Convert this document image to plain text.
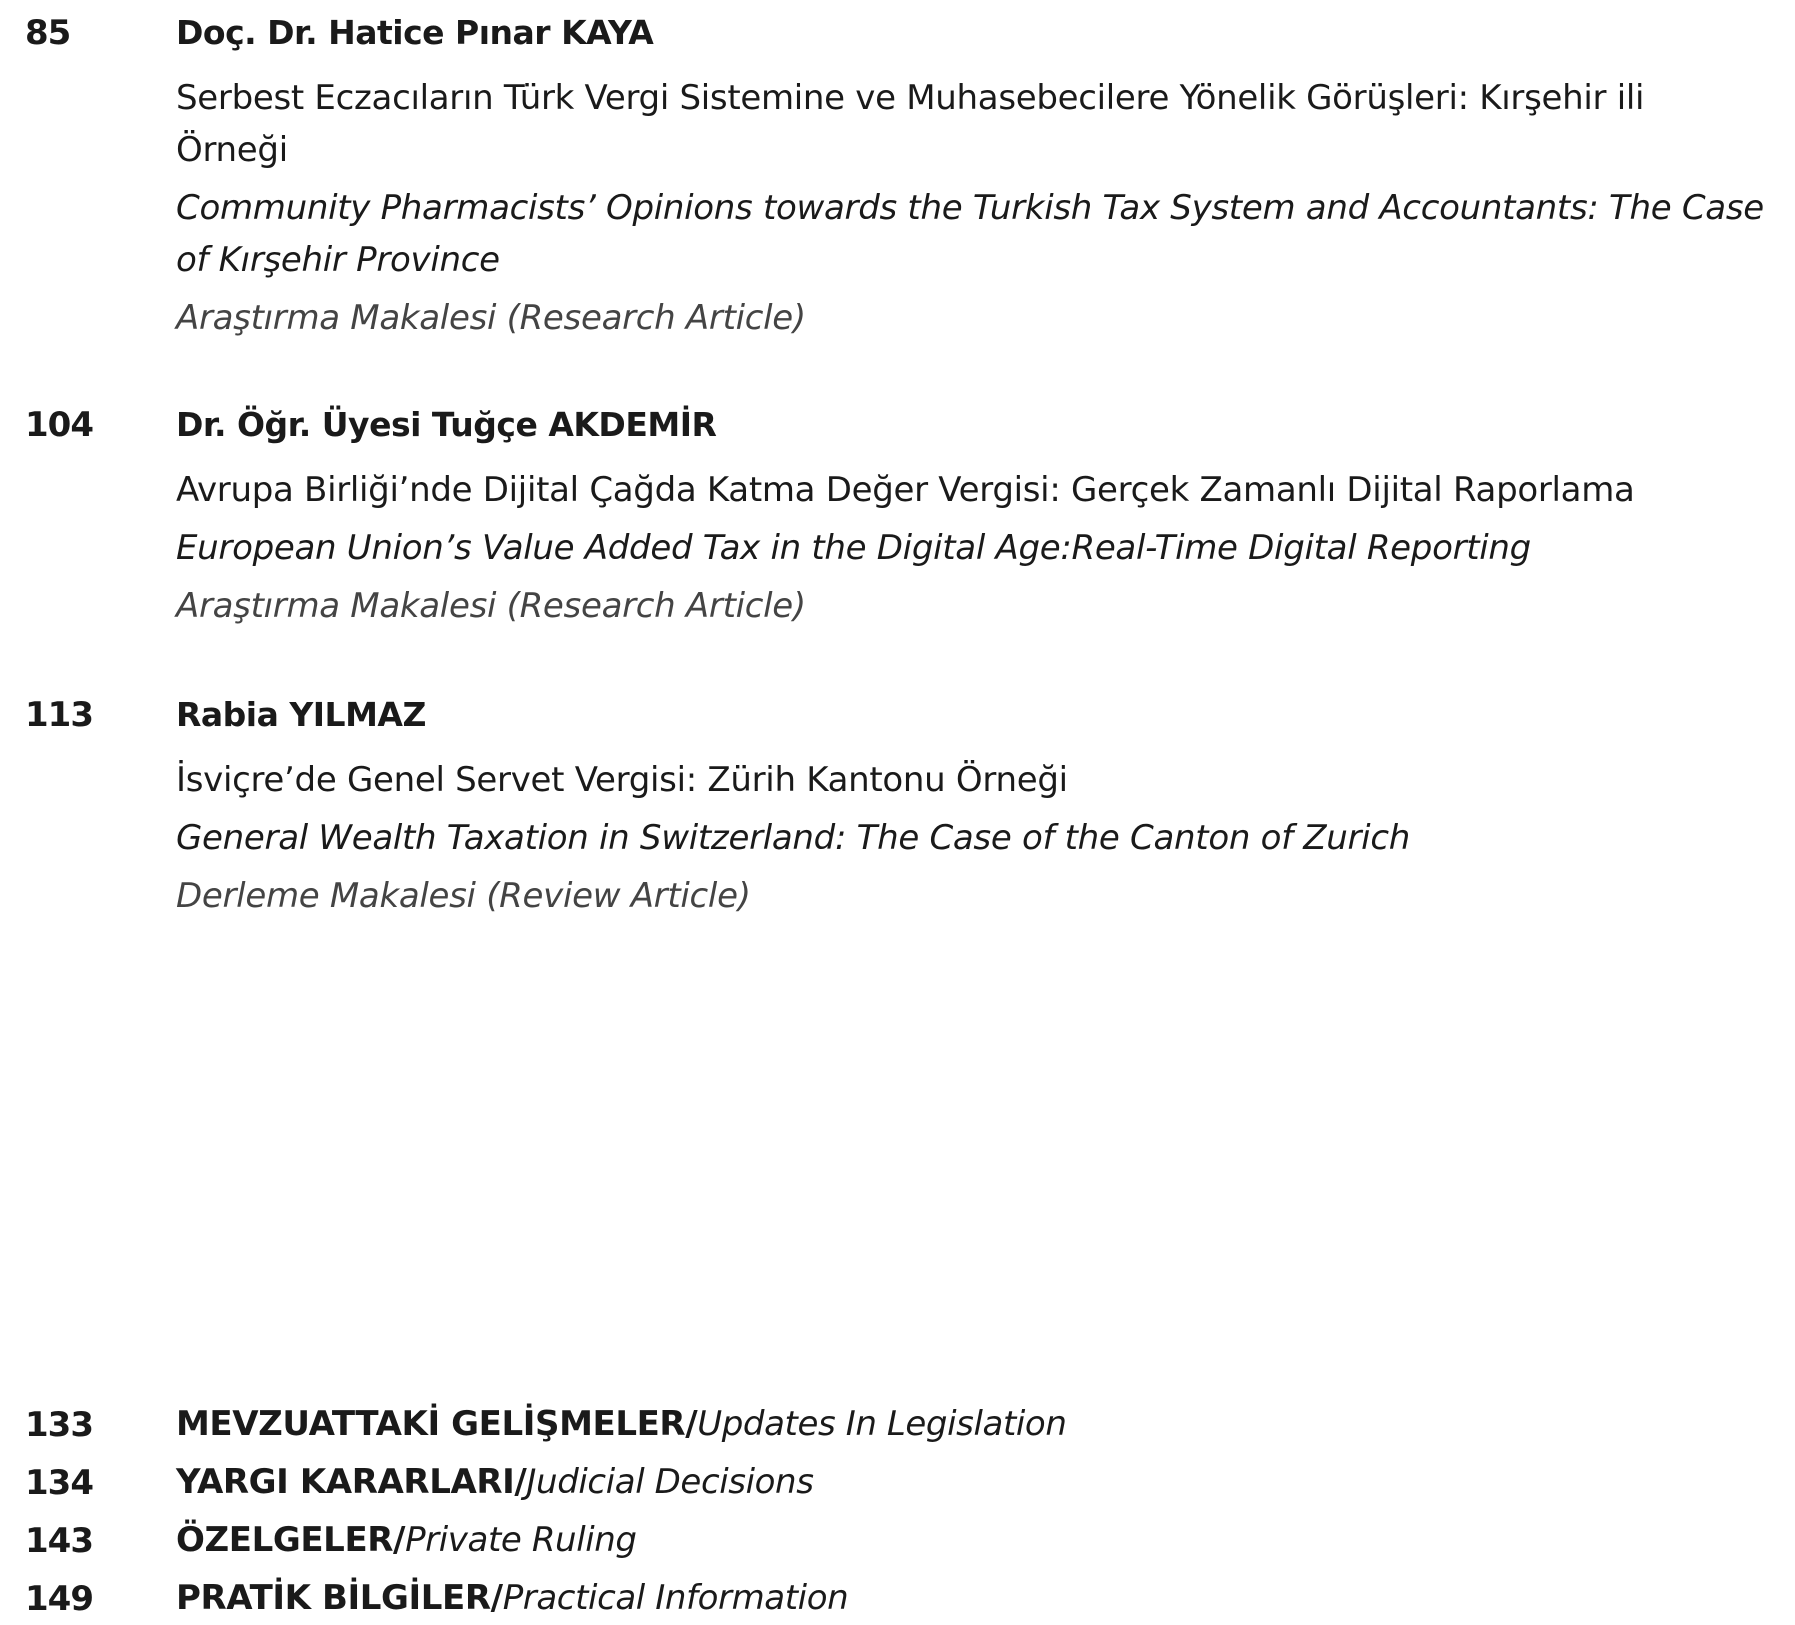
85	Doç. Dr. Hatice Pınar KAYA
Serbest Eczacıların Türk Vergi Sistemine ve Muhasebecilere Yönelik Görüşleri: Kırşehir ili Örneği
Community Pharmacists’ Opinions towards the Turkish Tax System and Accountants: The Case of Kırşehir Province
Araştırma Makalesi (Research Article)
104	Dr. Öğr. Üyesi Tuğçe AKDEMİR
Avrupa Birliği’nde Dijital Çağda Katma Değer Vergisi: Gerçek Zamanlı Dijital Raporlama
European Union’s Value Added Tax in the Digital Age:Real-Time Digital Reporting
Araştırma Makalesi (Research Article)
113	Rabia YILMAZ
İsviçre’de Genel Servet Vergisi: Zürih Kantonu Örneği
General Wealth Taxation in Switzerland: The Case of the Canton of Zurich
Derleme Makalesi (Review Article)
133 MEVZUATTAKİ GELİŞMELER/Updates In Legislation
134 YARGI KARARLARI/Judicial Decisions
143 ÖZELGELER/Private Ruling
149 PRATİK BİLGİLER/Practical Information
